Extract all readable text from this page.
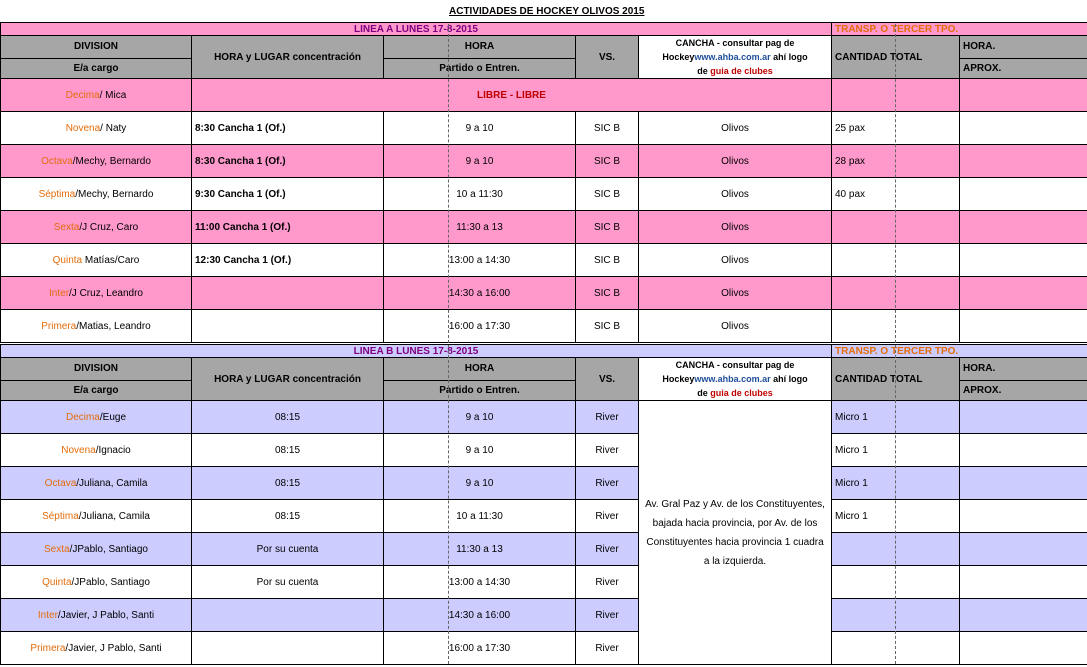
ACTIVIDADES DE HOCKEY OLIVOS 2015
LINEA A LUNES 17-8-2015					TRANSP. O TERCER TPO.	
DIVISION	HORA y LUGAR concentración	HORA	VS.	CANCHA - consultar pag de
Hockeywww.ahba.com.ar ahí logo
de guia de clubes	CANTIDAD TOTAL	HORA.
E/a cargo		Partido o Entren.				APROX.
Decima/ Mica	LIBRE - LIBRE					
Novena/ Naty	8:30 Cancha 1 (Of.)	9 a 10	SIC B	Olivos	25 pax	
Octava/Mechy, Bernardo	8:30 Cancha 1 (Of.)	9 a 10	SIC B	Olivos	28 pax	
Séptima/Mechy, Bernardo	9:30 Cancha 1 (Of.)	10 a 11:30	SIC B	Olivos	40 pax	
Sexta/J Cruz, Caro	11:00 Cancha 1 (Of.)	11:30 a 13	SIC B	Olivos		
Quinta Matías/Caro	12:30 Cancha 1 (Of.)	13:00 a 14:30	SIC B	Olivos		
Inter/J Cruz, Leandro		14:30 a 16:00	SIC B	Olivos		
Primera/Matias, Leandro		16:00 a 17:30	SIC B	Olivos		
LINEA B LUNES 17-8-2015					TRANSP. O TERCER TPO.	
DIVISION	HORA y LUGAR concentración	HORA	VS.	CANCHA - consultar pag de
Hockeywww.ahba.com.ar ahí logo
de guia de clubes	CANTIDAD TOTAL	HORA.
E/a cargo		Partido o Entren.				APROX.
Decima/Euge	08:15	9 a 10	River	Av. Gral Paz y Av. de los Constituyentes, bajada hacia provincia, por Av. de los Constituyentes hacia provincia 1 cuadra a la izquierda.	Micro 1	
Novena/Ignacio	08:15	9 a 10	River		Micro 1	
Octava/Juliana, Camila	08:15	9 a 10	River		Micro 1	
Séptima/Juliana, Camila	08:15	10 a 11:30	River		Micro 1	
Sexta/JPablo, Santiago	Por su cuenta	11:30 a 13	River			
Quinta/JPablo, Santiago	Por su cuenta	13:00 a 14:30	River			
Inter/Javier, J Pablo, Santi		14:30 a 16:00	River			
Primera/Javier, J Pablo, Santi		16:00 a 17:30	River			
